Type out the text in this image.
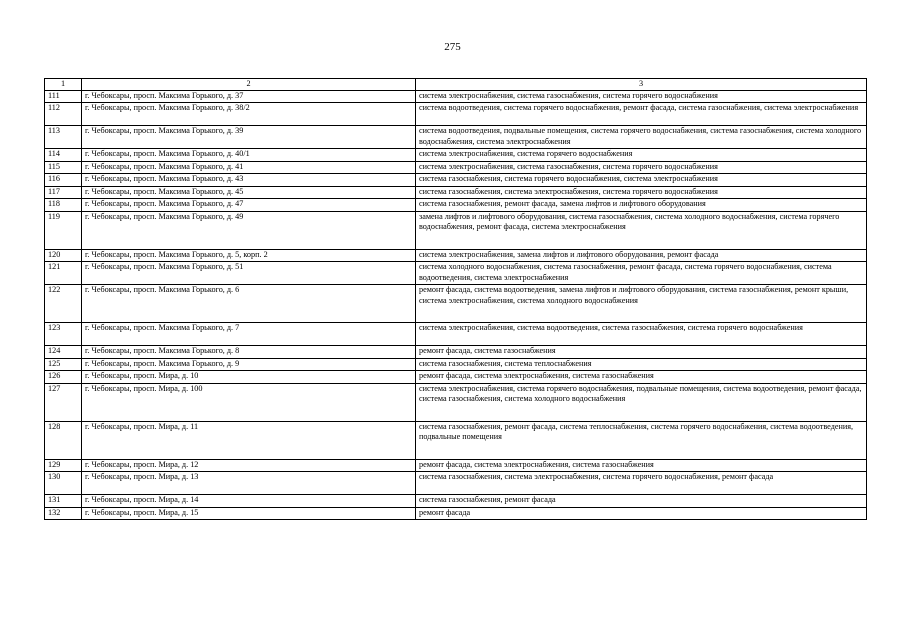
275
1	2	3
111	г. Чебоксары, просп. Максима Горького, д. 37	система электроснабжения, система газоснабжения, система горячего водоснабжения
112	г. Чебоксары, просп. Максима Горького, д. 38/2	система водоотведения, система горячего водоснабжения, ремонт фасада, система газоснабжения, система электроснабжения
113	г. Чебоксары, просп. Максима Горького, д. 39	система водоотведения, подвальные помещения, система горячего водоснабжения, система газоснабжения, система холодного водоснабжения, система электроснабжения
114	г. Чебоксары, просп. Максима Горького, д. 40/1	система электроснабжения, система горячего водоснабжения
115	г. Чебоксары, просп. Максима Горького, д. 41	система электроснабжения, система газоснабжения, система горячего водоснабжения
116	г. Чебоксары, просп. Максима Горького, д. 43	система газоснабжения, система горячего водоснабжения, система электроснабжения
117	г. Чебоксары, просп. Максима Горького, д. 45	система газоснабжения, система электроснабжения, система горячего водоснабжения
118	г. Чебоксары, просп. Максима Горького, д. 47	система газоснабжения, ремонт фасада, замена лифтов и лифтового оборудования
119	г. Чебоксары, просп. Максима Горького, д. 49	замена лифтов и лифтового оборудования, система газоснабжения, система холодного водоснабжения, система горячего водоснабжения, ремонт фасада, система электроснабжения
120	г. Чебоксары, просп. Максима Горького, д. 5, корп. 2	система электроснабжения, замена лифтов и лифтового оборудования, ремонт фасада
121	г. Чебоксары, просп. Максима Горького, д. 51	система холодного водоснабжения, система газоснабжения, ремонт фасада, система горячего водоснабжения, система водоотведения, система электроснабжения
122	г. Чебоксары, просп. Максима Горького, д. 6	ремонт фасада, система водоотведения, замена лифтов и лифтового оборудования, система газоснабжения, ремонт крыши, система электроснабжения, система холодного водоснабжения
123	г. Чебоксары, просп. Максима Горького, д. 7	система электроснабжения, система водоотведения, система газоснабжения, система горячего водоснабжения
124	г. Чебоксары, просп. Максима Горького, д. 8	ремонт фасада, система газоснабжения
125	г. Чебоксары, просп. Максима Горького, д. 9	система газоснабжения, система теплоснабжения
126	г. Чебоксары, просп. Мира, д. 10	ремонт фасада, система электроснабжения, система газоснабжения
127	г. Чебоксары, просп. Мира, д. 100	система электроснабжения, система горячего водоснабжения, подвальные помещения, система водоотведения, ремонт фасада, система газоснабжения, система холодного водоснабжения
128	г. Чебоксары, просп. Мира, д. 11	система газоснабжения, ремонт фасада, система теплоснабжения, система горячего водоснабжения, система водоотведения, подвальные помещения
129	г. Чебоксары, просп. Мира, д. 12	ремонт фасада, система электроснабжения, система газоснабжения
130	г. Чебоксары, просп. Мира, д. 13	система газоснабжения, система электроснабжения, система горячего водоснабжения, ремонт фасада
131	г. Чебоксары, просп. Мира, д. 14	система газоснабжения, ремонт фасада
132	г. Чебоксары, просп. Мира, д. 15	ремонт фасада
